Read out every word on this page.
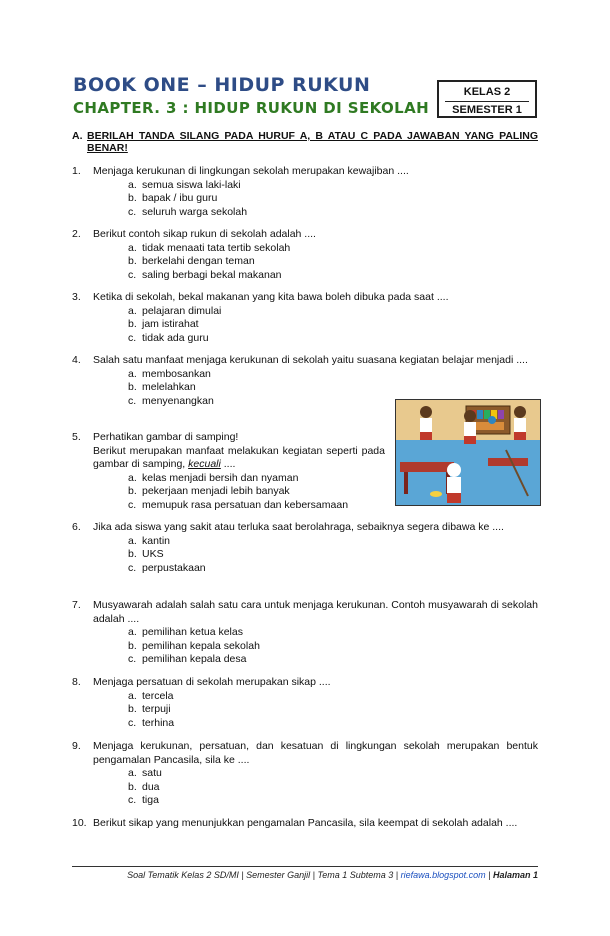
BOOK ONE – HIDUP RUKUN
CHAPTER. 3 : HIDUP RUKUN DI SEKOLAH
KELAS 2
SEMESTER 1
A. BERILAH TANDA SILANG PADA HURUF A, B ATAU C PADA JAWABAN YANG PALING BENAR!
1. Menjaga kerukunan di lingkungan sekolah merupakan kewajiban ....
a. semua siswa laki-laki
b. bapak / ibu guru
c. seluruh warga sekolah
2. Berikut contoh sikap rukun di sekolah adalah ....
a. tidak menaati tata tertib sekolah
b. berkelahi dengan teman
c. saling berbagi bekal makanan
3. Ketika di sekolah, bekal makanan yang kita bawa boleh dibuka pada saat ....
a. pelajaran dimulai
b. jam istirahat
c. tidak ada guru
4. Salah satu manfaat menjaga kerukunan di sekolah yaitu suasana kegiatan belajar menjadi ....
a. membosankan
b. melelahkan
c. menyenangkan
5. Perhatikan gambar di samping!
Berikut merupakan manfaat melakukan kegiatan seperti pada gambar di samping, kecuali ....
a. kelas menjadi bersih dan nyaman
b. pekerjaan menjadi lebih banyak
c. memupuk rasa persatuan dan kebersamaan
6. Jika ada siswa yang sakit atau terluka saat berolahraga, sebaiknya segera dibawa ke ....
a. kantin
b. UKS
c. perpustakaan
7. Musyawarah adalah salah satu cara untuk menjaga kerukunan. Contoh musyawarah di sekolah adalah ....
a. pemilihan ketua kelas
b. pemilihan kepala sekolah
c. pemilihan kepala desa
8. Menjaga persatuan di sekolah merupakan sikap ....
a. tercela
b. terpuji
c. terhina
9. Menjaga kerukunan, persatuan, dan kesatuan di lingkungan sekolah merupakan bentuk pengamalan Pancasila, sila ke ....
a. satu
b. dua
c. tiga
10. Berikut sikap yang menunjukkan pengamalan Pancasila, sila keempat di sekolah adalah ....
Soal Tematik Kelas 2 SD/MI | Semester Ganjil | Tema 1 Subtema 3 | riefawa.blogspot.com | Halaman 1
